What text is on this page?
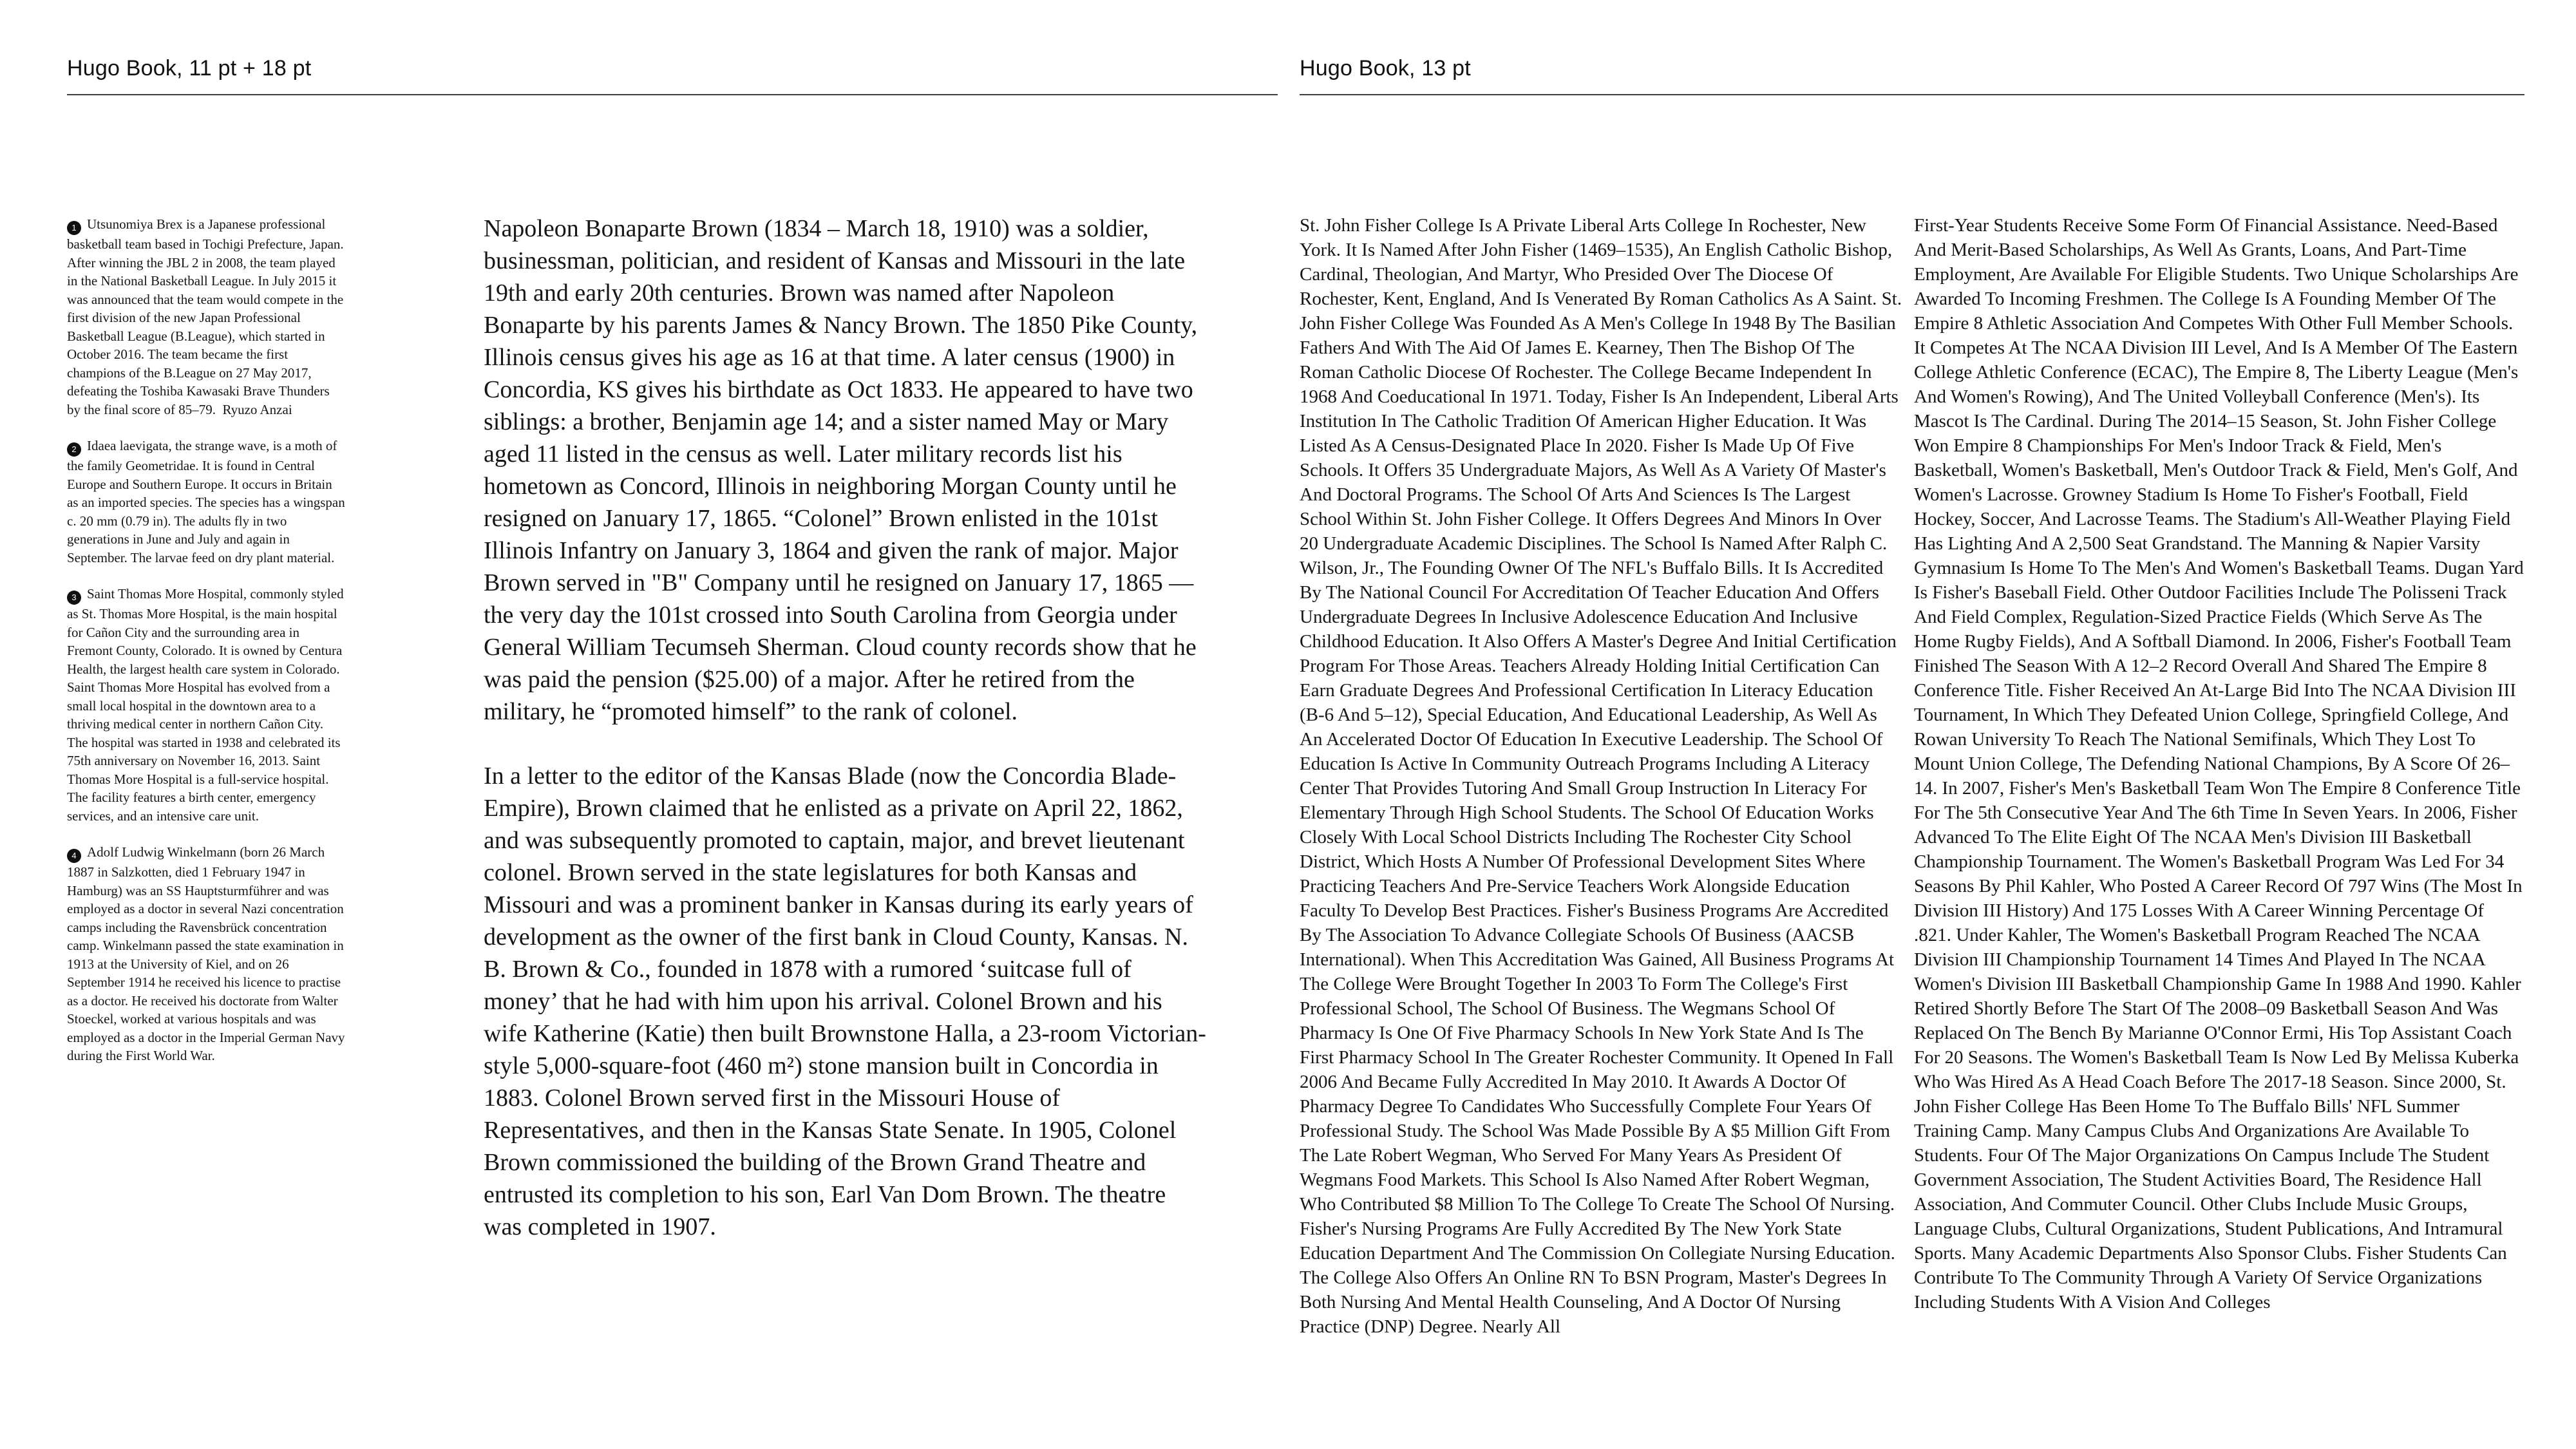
Hugo Book, 11 pt + 18 pt

1 Utsunomiya Brex is a Japanese professional basketball team based in Tochigi Prefecture, Japan. After winning the JBL 2 in 2008, the team played in the National Basketball League. In July 2015 it was announced that the team would compete in the first division of the new Japan Professional Basketball League (B.League), which started in October 2016. The team became the first champions of the B.League on 27 May 2017, defeating the Toshiba Kawasaki Brave Thunders by the final score of 85–79. Ryuzo Anzai

2 Idaea laevigata, the strange wave, is a moth of the family Geometridae. It is found in Central Europe and Southern Europe. It occurs in Britain as an imported species. The species has a wingspan c. 20 mm (0.79 in). The adults fly in two generations in June and July and again in September. The larvae feed on dry plant material.

3 Saint Thomas More Hospital, commonly styled as St. Thomas More Hospital, is the main hospital for Cañon City and the surrounding area in Fremont County, Colorado. It is owned by Centura Health, the largest health care system in Colorado. Saint Thomas More Hospital has evolved from a small local hospital in the downtown area to a thriving medical center in northern Cañon City. The hospital was started in 1938 and celebrated its 75th anniversary on November 16, 2013. Saint Thomas More Hospital is a full-service hospital. The facility features a birth center, emergency services, and an intensive care unit.

4 Adolf Ludwig Winkelmann (born 26 March 1887 in Salzkotten, died 1 February 1947 in Hamburg) was an SS Hauptsturmführer and was employed as a doctor in several Nazi concentration camps including the Ravensbrück concentration camp. Winkelmann passed the state examination in 1913 at the University of Kiel, and on 26 September 1914 he received his licence to practise as a doctor. He received his doctorate from Walter Stoeckel, worked at various hospitals and was employed as a doctor in the Imperial German Navy during the First World War.

Napoleon Bonaparte Brown (1834 – March 18, 1910) was a soldier, businessman, politician, and resident of Kansas and Missouri in the late 19th and early 20th centuries. Brown was named after Napoleon Bonaparte by his parents James & Nancy Brown. The 1850 Pike County, Illinois census gives his age as 16 at that time. A later census (1900) in Concordia, KS gives his birthdate as Oct 1833. He appeared to have two siblings: a brother, Benjamin age 14; and a sister named May or Mary aged 11 listed in the census as well. Later military records list his hometown as Concord, Illinois in neighboring Morgan County until he resigned on January 17, 1865. “Colonel” Brown enlisted in the 101st Illinois Infantry on January 3, 1864 and given the rank of major. Major Brown served in "B" Company until he resigned on January 17, 1865 —the very day the 101st crossed into South Carolina from Georgia under General William Tecumseh Sherman. Cloud county records show that he was paid the pension ($25.00) of a major. After he retired from the military, he “promoted himself” to the rank of colonel.

In a letter to the editor of the Kansas Blade (now the Concordia Blade-Empire), Brown claimed that he enlisted as a private on April 22, 1862, and was subsequently promoted to captain, major, and brevet lieutenant colonel. Brown served in the state legislatures for both Kansas and Missouri and was a prominent banker in Kansas during its early years of development as the owner of the first bank in Cloud County, Kansas. N. B. Brown & Co., founded in 1878 with a rumored ‘suitcase full of money’ that he had with him upon his arrival. Colonel Brown and his wife Katherine (Katie) then built Brownstone Halla, a 23-room Victorian-style 5,000-square-foot (460 m²) stone mansion built in Concordia in 1883. Colonel Brown served first in the Missouri House of Representatives, and then in the Kansas State Senate. In 1905, Colonel Brown commissioned the building of the Brown Grand Theatre and entrusted its completion to his son, Earl Van Dom Brown. The theatre was completed in 1907.

Hugo Book, 13 pt
St. John Fisher College Is A Private Liberal Arts College In Rochester, New York. It Is Named After John Fisher (1469–1535), An English Catholic Bishop, Cardinal, Theologian, And Martyr, Who Presided Over The Diocese Of Rochester, Kent, England, And Is Venerated By Roman Catholics As A Saint. St. John Fisher College Was Founded As A Men's College In 1948 By The Basilian Fathers And With The Aid Of James E. Kearney, Then The Bishop Of The Roman Catholic Diocese Of Rochester. The College Became Independent In 1968 And Coeducational In 1971. Today, Fisher Is An Independent, Liberal Arts Institution In The Catholic Tradition Of American Higher Education. It Was Listed As A Census-Designated Place In 2020. Fisher Is Made Up Of Five Schools. It Offers 35 Undergraduate Majors, As Well As A Variety Of Master's And Doctoral Programs. The School Of Arts And Sciences Is The Largest School Within St. John Fisher College. It Offers Degrees And Minors In Over 20 Undergraduate Academic Disciplines. The School Is Named After Ralph C. Wilson, Jr., The Founding Owner Of The NFL's Buffalo Bills. It Is Accredited By The National Council For Accreditation Of Teacher Education And Offers Undergraduate Degrees In Inclusive Adolescence Education And Inclusive Childhood Education. It Also Offers A Master's Degree And Initial Certification Program For Those Areas. Teachers Already Holding Initial Certification Can Earn Graduate Degrees And Professional Certification In Literacy Education (B-6 And 5–12), Special Education, And Educational Leadership, As Well As An Accelerated Doctor Of Education In Executive Leadership. The School Of Education Is Active In Community Outreach Programs Including A Literacy Center That Provides Tutoring And Small Group Instruction In Literacy For Elementary Through High School Students. The School Of Education Works Closely With Local School Districts Including The Rochester City School District, Which Hosts A Number Of Professional Development Sites Where Practicing Teachers And Pre-Service Teachers Work Alongside Education Faculty To Develop Best Practices. Fisher's Business Programs Are Accredited By The Association To Advance Collegiate Schools Of Business (AACSB International). When This Accreditation Was Gained, All Business Programs At The College Were Brought Together In 2003 To Form The College's First Professional School, The School Of Business. The Wegmans School Of Pharmacy Is One Of Five Pharmacy Schools In New York State And Is The First Pharmacy School In The Greater Rochester Community. It Opened In Fall 2006 And Became Fully Accredited In May 2010. It Awards A Doctor Of Pharmacy Degree To Candidates Who Successfully Complete Four Years Of Professional Study. The School Was Made Possible By A $5 Million Gift From The Late Robert Wegman, Who Served For Many Years As President Of Wegmans Food Markets. This School Is Also Named After Robert Wegman, Who Contributed $8 Million To The College To Create The School Of Nursing. Fisher's Nursing Programs Are Fully Accredited By The New York State Education Department And The Commission On Collegiate Nursing Education. The College Also Offers An Online RN To BSN Program, Master's Degrees In Both Nursing And Mental Health Counseling, And A Doctor Of Nursing Practice (DNP) Degree. Nearly All
First-Year Students Receive Some Form Of Financial Assistance. Need-Based And Merit-Based Scholarships, As Well As Grants, Loans, And Part-Time Employment, Are Available For Eligible Students. Two Unique Scholarships Are Awarded To Incoming Freshmen. The College Is A Founding Member Of The Empire 8 Athletic Association And Competes With Other Full Member Schools. It Competes At The NCAA Division III Level, And Is A Member Of The Eastern College Athletic Conference (ECAC), The Empire 8, The Liberty League (Men's And Women's Rowing), And The United Volleyball Conference (Men's). Its Mascot Is The Cardinal. During The 2014–15 Season, St. John Fisher College Won Empire 8 Championships For Men's Indoor Track & Field, Men's Basketball, Women's Basketball, Men's Outdoor Track & Field, Men's Golf, And Women's Lacrosse. Growney Stadium Is Home To Fisher's Football, Field Hockey, Soccer, And Lacrosse Teams. The Stadium's All-Weather Playing Field Has Lighting And A 2,500 Seat Grandstand. The Manning & Napier Varsity Gymnasium Is Home To The Men's And Women's Basketball Teams. Dugan Yard Is Fisher's Baseball Field. Other Outdoor Facilities Include The Polisseni Track And Field Complex, Regulation-Sized Practice Fields (Which Serve As The Home Rugby Fields), And A Softball Diamond. In 2006, Fisher's Football Team Finished The Season With A 12–2 Record Overall And Shared The Empire 8 Conference Title. Fisher Received An At-Large Bid Into The NCAA Division III Tournament, In Which They Defeated Union College, Springfield College, And Rowan University To Reach The National Semifinals, Which They Lost To Mount Union College, The Defending National Champions, By A Score Of 26–14. In 2007, Fisher's Men's Basketball Team Won The Empire 8 Conference Title For The 5th Consecutive Year And The 6th Time In Seven Years. In 2006, Fisher Advanced To The Elite Eight Of The NCAA Men's Division III Basketball Championship Tournament. The Women's Basketball Program Was Led For 34 Seasons By Phil Kahler, Who Posted A Career Record Of 797 Wins (The Most In Division III History) And 175 Losses With A Career Winning Percentage Of .821. Under Kahler, The Women's Basketball Program Reached The NCAA Division III Championship Tournament 14 Times And Played In The NCAA Women's Division III Basketball Championship Game In 1988 And 1990. Kahler Retired Shortly Before The Start Of The 2008–09 Basketball Season And Was Replaced On The Bench By Marianne O'Connor Ermi, His Top Assistant Coach For 20 Seasons. The Women's Basketball Team Is Now Led By Melissa Kuberka Who Was Hired As A Head Coach Before The 2017-18 Season. Since 2000, St. John Fisher College Has Been Home To The Buffalo Bills' NFL Summer Training Camp. Many Campus Clubs And Organizations Are Available To Students. Four Of The Major Organizations On Campus Include The Student Government Association, The Student Activities Board, The Residence Hall Association, And Commuter Council. Other Clubs Include Music Groups, Language Clubs, Cultural Organizations, Student Publications, And Intramural Sports. Many Academic Departments Also Sponsor Clubs. Fisher Students Can Contribute To The Community Through A Variety Of Service Organizations Including Students With A Vision And Colleges
